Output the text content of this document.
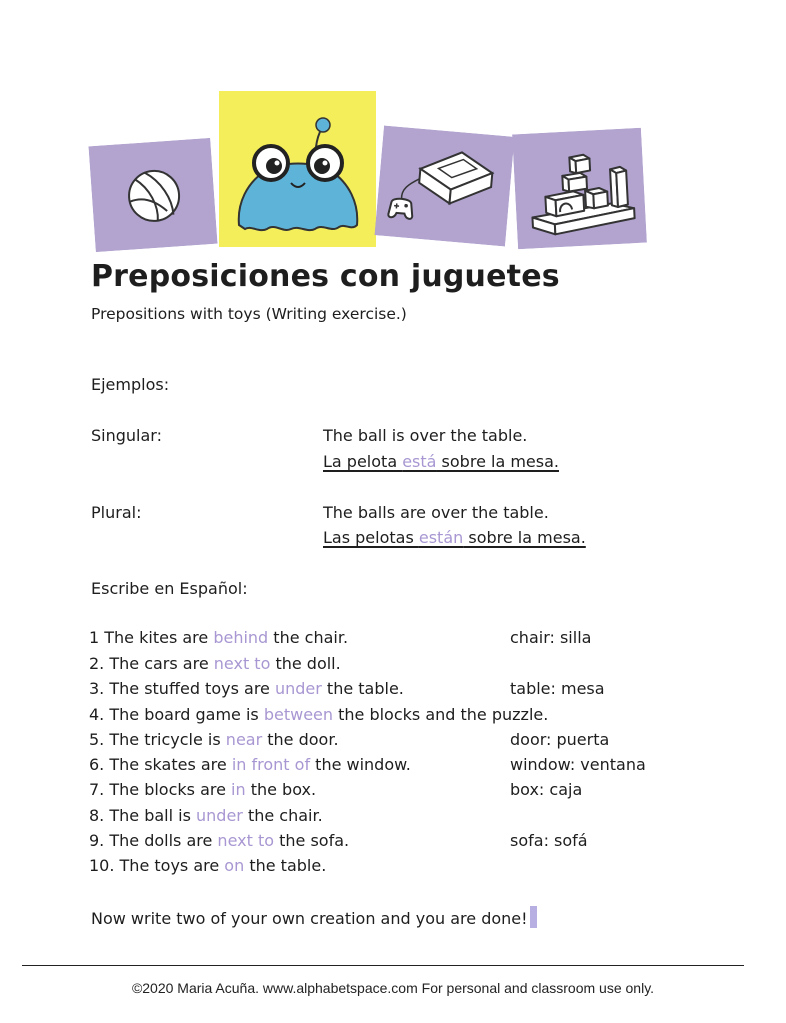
Preposiciones con juguetes
Prepositions with toys (Writing exercise.)
Ejemplos:
Singular:	The ball is over the table.
La pelota está sobre la mesa.
Plural:	The balls are over the table.
Las pelotas están sobre la mesa.
Escribe en Español:
1 The kites are behind the chair.	chair: silla
2. The cars are next to the doll.
3. The stuffed toys are under the table.	table: mesa
4. The board game is between the blocks and the puzzle.
5. The tricycle is near the door.	door: puerta
6. The skates are in front of the window.	window: ventana
7. The blocks are in the box.	box: caja
8. The ball is under the chair.
9. The dolls are next to the sofa.	sofa: sofá
10. The toys are on the table.
Now write two of your own creation and you are done!
©2020 Maria Acuña. www.alphabetspace.com For personal and classroom use only.
